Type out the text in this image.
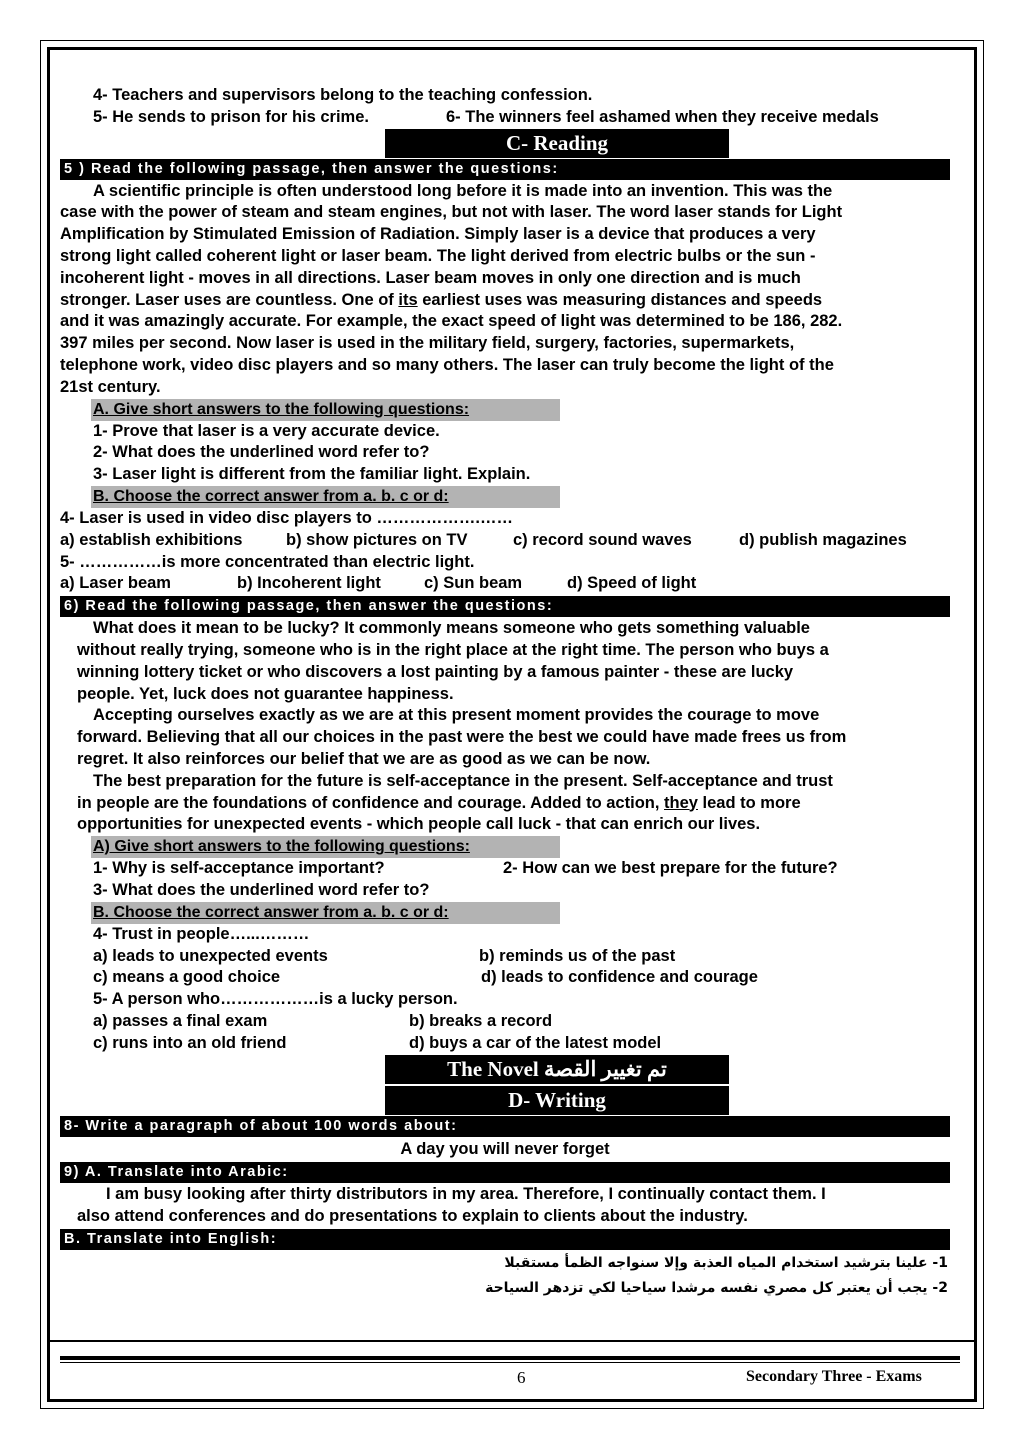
4- Teachers and supervisors belong to the teaching confession.
5- He sends to prison for his crime.	6- The winners feel ashamed when they receive medals
C- Reading
5 ) Read the following passage, then answer the questions:
A scientific principle is often understood long before it is made into an invention. This was the
case with the power of steam and steam engines, but not with laser. The word laser stands for Light
Amplification by Stimulated Emission of Radiation. Simply laser is a device that produces a very
strong light called coherent light or laser beam. The light derived from electric bulbs or the sun -
incoherent light - moves in all directions. Laser beam moves in only one direction and is much
stronger. Laser uses are countless. One of its earliest uses was measuring distances and speeds
and it was amazingly accurate. For example, the exact speed of light was determined to be 186, 282.
397 miles per second. Now laser is used in the military field, surgery, factories, supermarkets,
telephone work, video disc players and so many others. The laser can truly become the light of the
21st century.
A. Give short answers to the following questions:
1- Prove that laser is a very accurate device.
2- What does the underlined word refer to?
3- Laser light is different from the familiar light. Explain.
B. Choose the correct answer from a. b. c or d:
4- Laser is used in video disc players to ……………….……
a) establish exhibitions	b) show pictures on TV	c) record sound waves	d) publish magazines
5- ……………is more concentrated than electric light.
a) Laser beam	b) Incoherent light	c) Sun beam	d) Speed of light
6) Read the following passage, then answer the questions:
What does it mean to be lucky? It commonly means someone who gets something valuable
without really trying, someone who is in the right place at the right time. The person who buys a
winning lottery ticket or who discovers a lost painting by a famous painter - these are lucky
people. Yet, luck does not guarantee happiness.
Accepting ourselves exactly as we are at this present moment provides the courage to move
forward. Believing that all our choices in the past were the best we could have made frees us from
regret. It also reinforces our belief that we are as good as we can be now.
The best preparation for the future is self-acceptance in the present. Self-acceptance and trust
in people are the foundations of confidence and courage. Added to action, they lead to more
opportunities for unexpected events - which people call luck - that can enrich our lives.
A) Give short answers to the following questions:
1- Why is self-acceptance important?	2- How can we best prepare for the future?
3- What does the underlined word refer to?
B. Choose the correct answer from a. b. c or d:
4- Trust in people…...………
a) leads to unexpected events	b) reminds us of the past
c) means a good choice	d) leads to confidence and courage
5- A person who………………is a lucky person.
a) passes a final exam	b) breaks a record
c) runs into an old friend	d) buys a car of the latest model
The Novel تم تغيير القصة
D- Writing
8- Write a paragraph of about 100 words about:
A day you will never forget
9) A. Translate into Arabic:
I am busy looking after thirty distributors in my area. Therefore, I continually contact them. I
also attend conferences and do presentations to explain to clients about the industry.
B. Translate into English:
1- علينا بترشيد استخدام المياه العذبة وإلا سنواجه الظمأ مستقبلا
2- يجب أن يعتبر كل مصري نفسه مرشدا سياحيا لكي تزدهر السياحة
6	Secondary Three - Exams
